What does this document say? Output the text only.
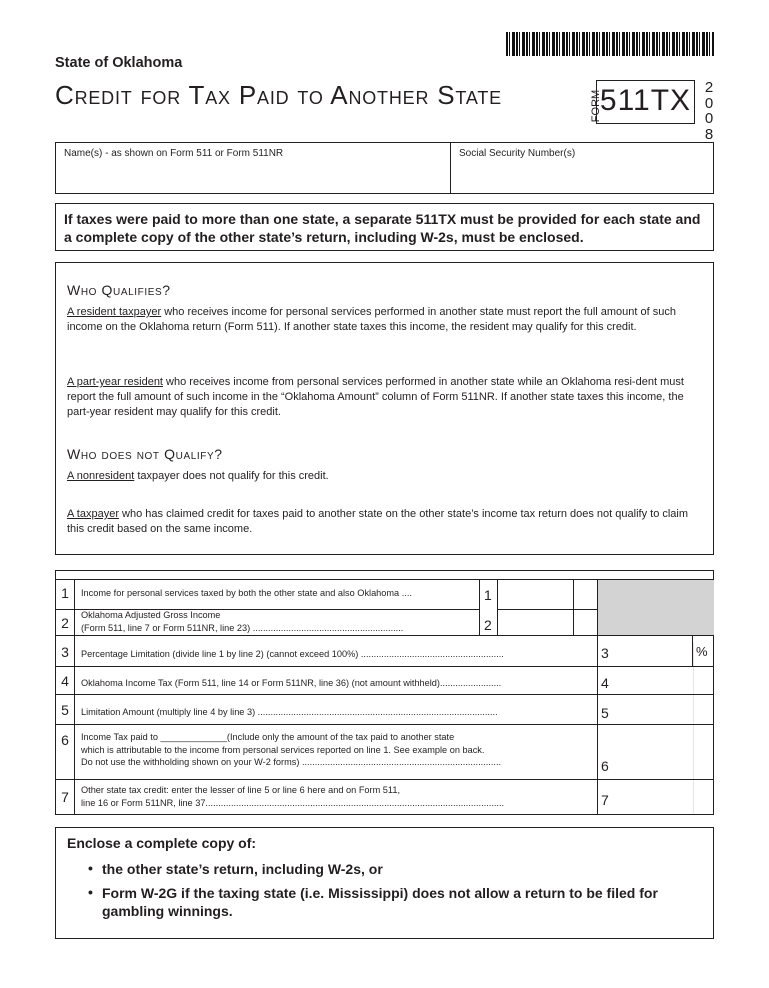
State of Oklahoma
Credit for Tax Paid to Another State	FORM
511TX 2
0
0
8
Name(s) - as shown on Form 511 or Form 511NR	Social Security Number(s)
If taxes were paid to more than one state, a separate 511TX must be provided for each state and a complete copy of the other state’s return, including W-2s, must be enclosed.
Who Qualifies?

A resident taxpayer who receives income for personal services performed in another state must report the full amount of such income on the Oklahoma return (Form 511). If another state taxes this income, the resident may qualify for this credit.

A part-year resident who receives income from personal services performed in another state while an Oklahoma resi-dent must report the full amount of such income in the “Oklahoma Amount” column of Form 511NR. If another state taxes this income, the part-year resident may qualify for this credit.

Who does not Qualify?

A nonresident taxpayer does not qualify for this credit.

A taxpayer who has claimed credit for taxes paid to another state on the other state’s income tax return does not qualify to claim this credit based on the same income.

1	Income for personal services taxed by both the other state and also Oklahoma ....	1
2	Oklahoma Adjusted Gross Income
(Form 511, line 7 or Form 511NR, line 23) ...........................................................	2
3	Percentage Limitation (divide line 1 by line 2) (cannot exceed 100%) ........................................................	3	%
4	Oklahoma Income Tax (Form 511, line 14 or Form 511NR, line 36) (not amount withheld)........................	4
5	Limitation Amount (multiply line 4 by line 3) ..............................................................................................	5
6	Income Tax paid to _____________(Include only the amount of the tax paid to another state
which is attributable to the income from personal services reported on line 1. See example on back.
Do not use the withholding shown on your W-2 forms) ..............................................................................	6
7	Other state tax credit: enter the lesser of line 5 or line 6 here and on Form 511,
line 16 or Form 511NR, line 37.....................................................................................................................	7
Enclose a complete copy of:
• the other state’s return, including W-2s, or
• Form W-2G if the taxing state (i.e. Mississippi) does not allow a return to be filed for gambling winnings.
